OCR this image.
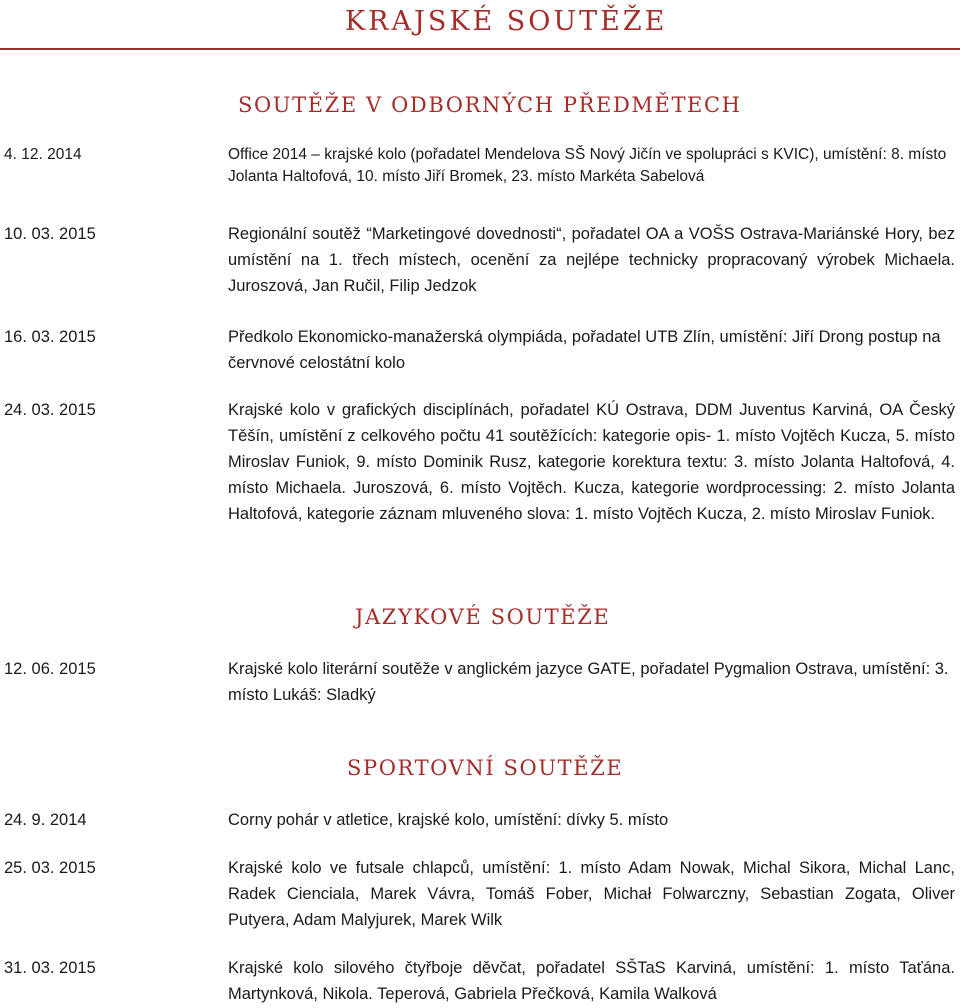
KRAJSKÉ SOUTĚŽE
SOUTĚŽE V ODBORNÝCH PŘEDMĚTECH
4. 12. 2014	Office 2014 – krajské kolo (pořadatel Mendelova SŠ Nový Jičín ve spolupráci s KVIC), umístění: 8. místo Jolanta Haltofová, 10. místo Jiří Bromek, 23. místo Markéta Sabelová

10. 03. 2015	Regionální soutěž “Marketingové dovednosti“, pořadatel OA a VOŠS Ostrava-Mariánské Hory, bez umístění na 1. třech místech, ocenění za nejlépe technicky propracovaný výrobek Michaela. Juroszová, Jan Ručil, Filip Jedzok

16. 03. 2015	Předkolo Ekonomicko-manažerská olympiáda, pořadatel UTB Zlín, umístění: Jiří Drong postup na červnové celostátní kolo

24. 03. 2015	Krajské kolo v grafických disciplínách, pořadatel KÚ Ostrava, DDM Juventus Karviná, OA Český Těšín, umístění z celkového počtu 41 soutěžících: kategorie opis- 1. místo Vojtěch Kucza, 5. místo Miroslav Funiok, 9. místo Dominik Rusz, kategorie korektura textu: 3. místo Jolanta Haltofová, 4. místo Michaela. Juroszová, 6. místo Vojtěch. Kucza, kategorie wordprocessing: 2. místo Jolanta Haltofová, kategorie záznam mluveného slova: 1. místo Vojtěch Kucza, 2. místo Miroslav Funiok.

JAZYKOVÉ SOUTĚŽE
12. 06. 2015	Krajské kolo literární soutěže v anglickém jazyce GATE, pořadatel Pygmalion Ostrava, umístění: 3. místo Lukáš: Sladký

SPORTOVNÍ SOUTĚŽE
24. 9. 2014	Corny pohár v atletice, krajské kolo, umístění: dívky 5. místo

25. 03. 2015	Krajské kolo ve futsale chlapců, umístění: 1. místo Adam Nowak, Michal Sikora, Michal Lanc, Radek Cienciala, Marek Vávra, Tomáš Fober, Michał Folwarczny, Sebastian Zogata, Oliver Putyera, Adam Malyjurek, Marek Wilk

31. 03. 2015	Krajské kolo silového čtyřboje děvčat, pořadatel SŠTaS Karviná, umístění: 1. místo Taťána. Martynková, Nikola. Teperová, Gabriela Přečková, Kamila Walková
